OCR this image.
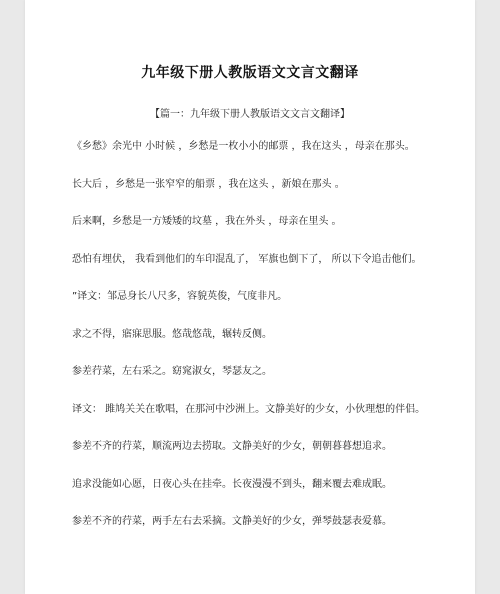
九年级下册人教版语文文言文翻译
【篇一：九年级下册人教版语文文言文翻译】
《乡愁》余光中 小时候 ，乡愁是一枚小小的邮票 ，我在这头 ，母亲在那头。
长大后 ，乡愁是一张窄窄的船票 ，我在这头 ，新娘在那头 。
后来啊，乡愁是一方矮矮的坟墓 ，我在外头 ，母亲在里头 。
恐怕有埋伏， 我看到他们的车印混乱了， 军旗也倒下了， 所以下令追击他们。
”译文：邹忌身长八尺多，容貌英俊，气度非凡。
求之不得，寤寐思服。悠哉悠哉，辗转反侧。
参差荇菜，左右采之。窈窕淑女，琴瑟友之。
译文： 雎鸠关关在歌唱，在那河中沙洲上。文静美好的少女，小伙理想的伴侣。
参差不齐的荇菜，顺流两边去捞取。文静美好的少女，朝朝暮暮想追求。
追求没能如心愿，日夜心头在挂牵。长夜漫漫不到头，翻来覆去难成眠。
参差不齐的荇菜，两手左右去采摘。文静美好的少女，弹琴鼓瑟表爱慕。
